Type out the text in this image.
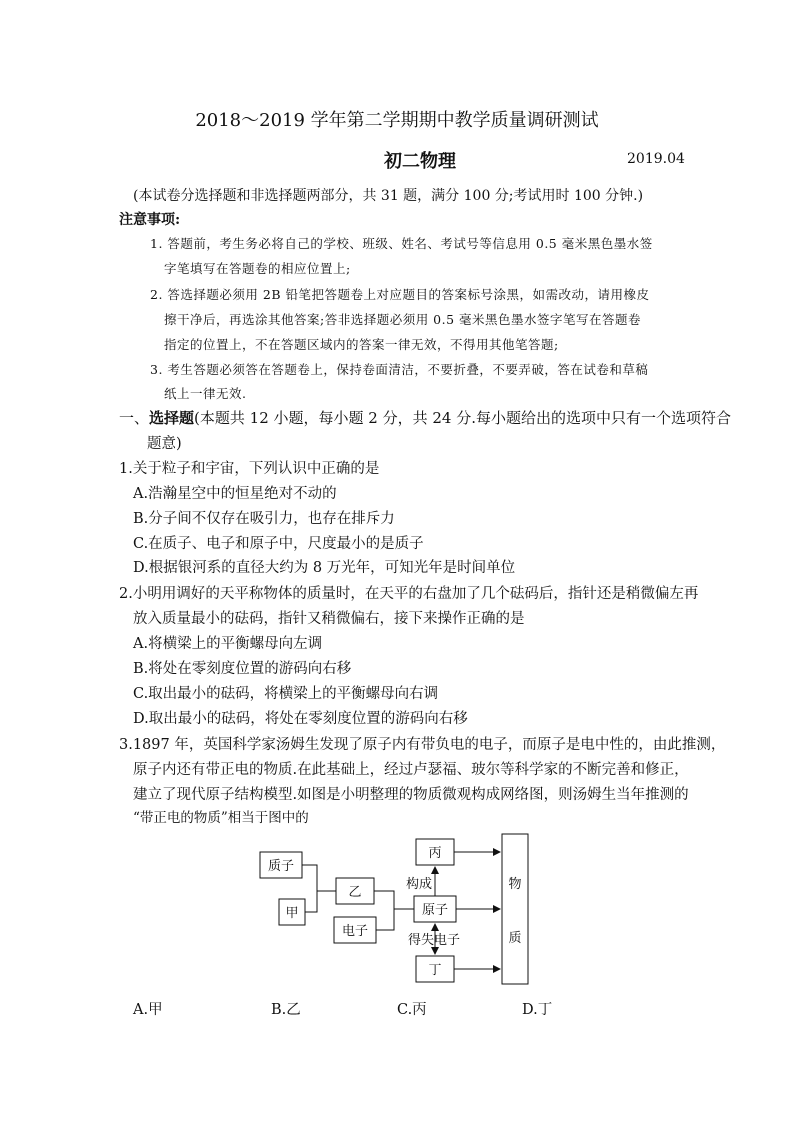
2018～2019 学年第二学期期中教学质量调研测试
初二物理	2019.04
(本试卷分选择题和非选择题两部分，共 31 题，满分 100 分;考试用时 100 分钟.)
注意事项:
1. 答题前，考生务必将自己的学校、班级、姓名、考试号等信息用 0.5 毫米黑色墨水签
字笔填写在答题卷的相应位置上;
2. 答选择题必须用 2B 铅笔把答题卷上对应题目的答案标号涂黑，如需改动，请用橡皮
擦干净后，再选涂其他答案;答非选择题必须用 0.5 毫米黑色墨水签字笔写在答题卷
指定的位置上，不在答题区域内的答案一律无效，不得用其他笔答题;
3. 考生答题必须答在答题卷上，保持卷面清洁，不要折叠，不要弄破，答在试卷和草稿
纸上一律无效.
一、选择题(本题共 12 小题，每小题 2 分，共 24 分.每小题给出的选项中只有一个选项符合
题意)
1.关于粒子和宇宙，下列认识中正确的是
A.浩瀚星空中的恒星绝对不动的
B.分子间不仅存在吸引力，也存在排斥力
C.在质子、电子和原子中，尺度最小的是质子
D.根据银河系的直径大约为 8 万光年，可知光年是时间单位
2.小明用调好的天平称物体的质量时，在天平的右盘加了几个砝码后，指针还是稍微偏左再
放入质量最小的砝码，指针又稍微偏右，接下来操作正确的是
A.将横梁上的平衡螺母向左调
B.将处在零刻度位置的游码向右移
C.取出最小的砝码，将横梁上的平衡螺母向右调
D.取出最小的砝码，将处在零刻度位置的游码向右移
3.1897 年，英国科学家汤姆生发现了原子内有带负电的电子，而原子是电中性的，由此推测，
原子内还有带正电的物质.在此基础上，经过卢瑟福、玻尔等科学家的不断完善和修正，
建立了现代原子结构模型.如图是小明整理的物质微观构成网络图，则汤姆生当年推测的
“带正电的物质”相当于图中的
质子
甲
乙
电子
原子
丙
丁
构成
得失电子
物
质
A.甲	B.乙	C.丙	D.丁
